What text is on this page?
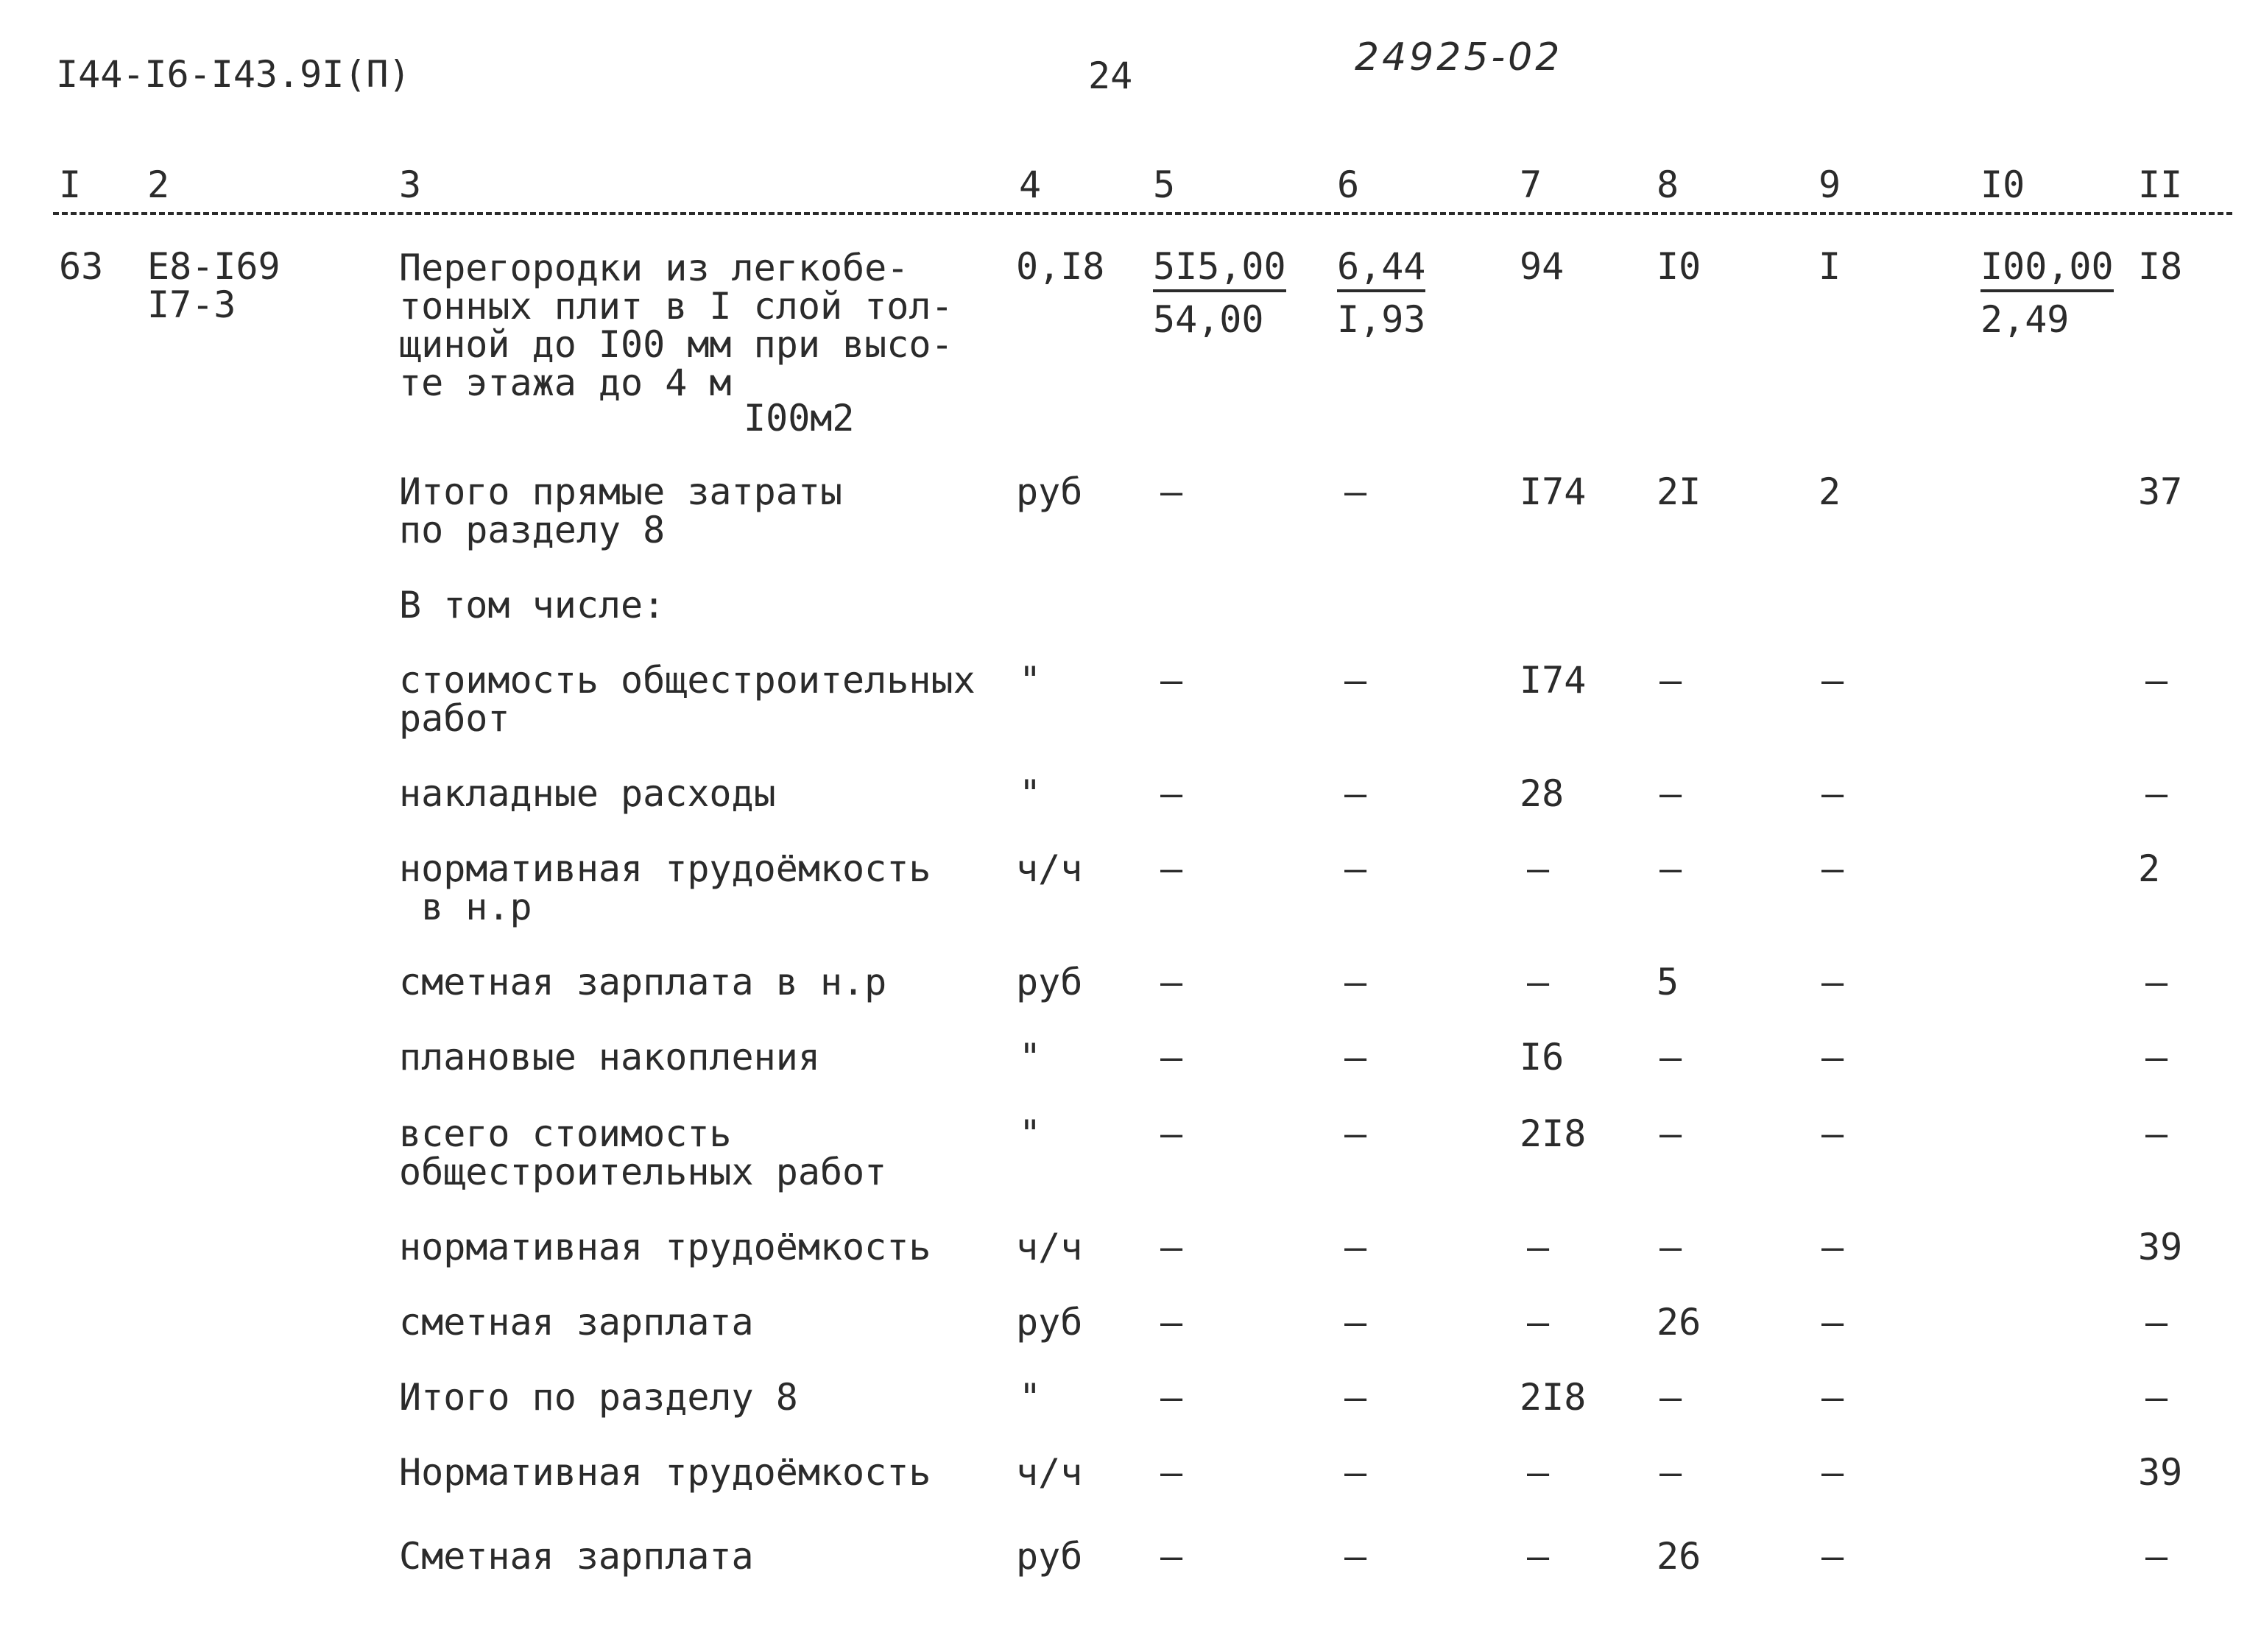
I44-I6-I43.9I(П)	24	24925-02
I 2	3	4	5	6	7	8	9	I0	II
63 Е8-I69
I7-3
Перегородки из легкобе-
тонных плит в I слой тол-
щиной до I00 мм при высо-
те этажа до 4 м
I00м2
0,I8 5I5,00
54,00
6,44
I,93
94	I0	I	I00,00
2,49
I8
Итого прямые затраты
по разделу 8
руб –	–	I74 2I	2	37
В том числе:
стоимость общестроительных
работ
"	–	–	I74 –	–	–
накладные расходы	"	–	–	28	–	–	–
нормативная трудоёмкость
в н.р
ч/ч –	–	–	–	–	2
сметная зарплата в н.р	руб –	–	–	5	–	–
плановые накопления	"	–	–	I6	–	–	–
всего стоимость
общестроительных работ
"	–	–	2I8 –	–	–
нормативная трудоёмкость ч/ч –	–	–	–	–	39
сметная зарплата	руб –	–	–	26	–	–
Итого по разделу 8	"	–	–	2I8 –	–	–
Нормативная трудоёмкость ч/ч –	–	–	–	–	39
Сметная зарплата	руб –	–	–	26	–	–
